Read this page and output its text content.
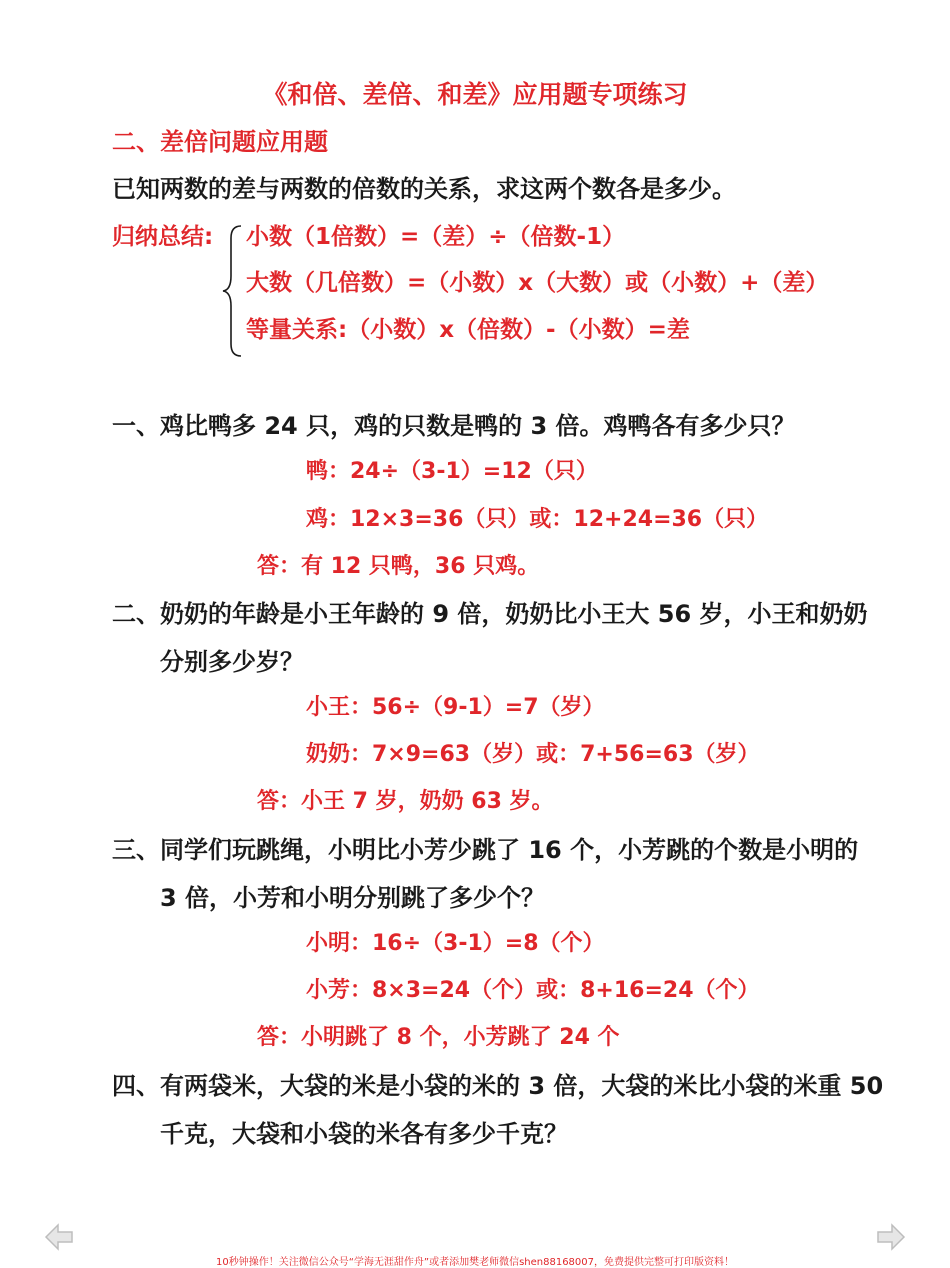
《和倍、差倍、和差》应用题专项练习
二、差倍问题应用题
已知两数的差与两数的倍数的关系，求这两个数各是多少。
归纳总结: 小数（1倍数）=（差）÷（倍数-1）
大数（几倍数）=（小数）x（大数）或（小数）+（差）
等量关系:（小数）x（倍数）-（小数）=差
一、鸡比鸭多 24 只，鸡的只数是鸭的 3 倍。鸡鸭各有多少只？
鸭：24÷（3-1）=12（只）
鸡：12×3=36（只）或：12+24=36（只）
答：有 12 只鸭，36 只鸡。
二、奶奶的年龄是小王年龄的 9 倍，奶奶比小王大 56 岁，小王和奶奶
分别多少岁？
小王：56÷（9-1）=7（岁）
奶奶：7×9=63（岁）或：7+56=63（岁）
答：小王 7 岁，奶奶 63 岁。
三、同学们玩跳绳，小明比小芳少跳了 16 个，小芳跳的个数是小明的
3 倍，小芳和小明分别跳了多少个？
小明：16÷（3-1）=8（个）
小芳：8×3=24（个）或：8+16=24（个）
答：小明跳了 8 个，小芳跳了 24 个
四、有两袋米，大袋的米是小袋的米的 3 倍，大袋的米比小袋的米重 50
千克，大袋和小袋的米各有多少千克？
10秒钟操作！关注微信公众号“学海无涯甜作舟”或者添加樊老师微信shen88168007，免费提供完整可打印版资料！
